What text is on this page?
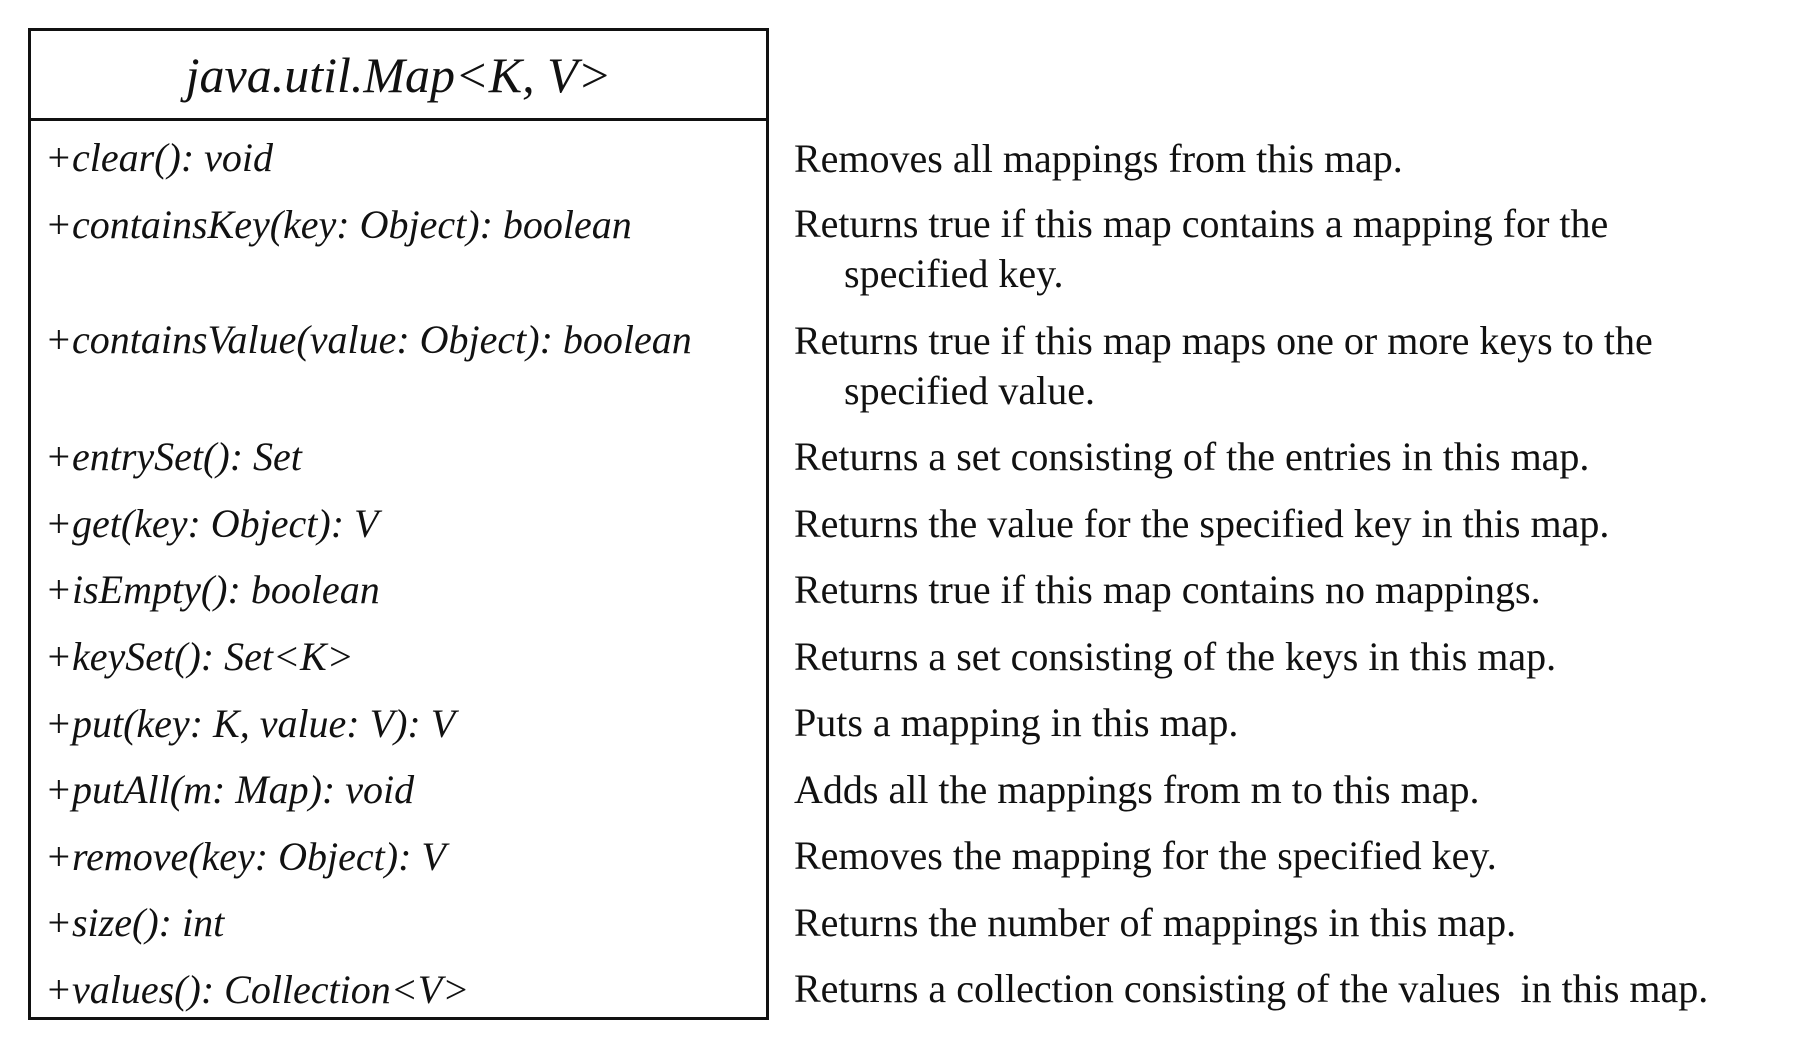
java.util.Map<K, V>
+clear(): void
+containsKey(key: Object): boolean
+containsValue(value: Object): boolean
+entrySet(): Set
+get(key: Object): V
+isEmpty(): boolean
+keySet(): Set<K>
+put(key: K, value: V): V
+putAll(m: Map): void
+remove(key: Object): V
+size(): int
+values(): Collection<V>
Removes all mappings from this map.
Returns true if this map contains a mapping for the
specified key.
Returns true if this map maps one or more keys to the
specified value.
Returns a set consisting of the entries in this map.
Returns the value for the specified key in this map.
Returns true if this map contains no mappings.
Returns a set consisting of the keys in this map.
Puts a mapping in this map.
Adds all the mappings from m to this map.
Removes the mapping for the specified key.
Returns the number of mappings in this map.
Returns a collection consisting of the values  in this map.
